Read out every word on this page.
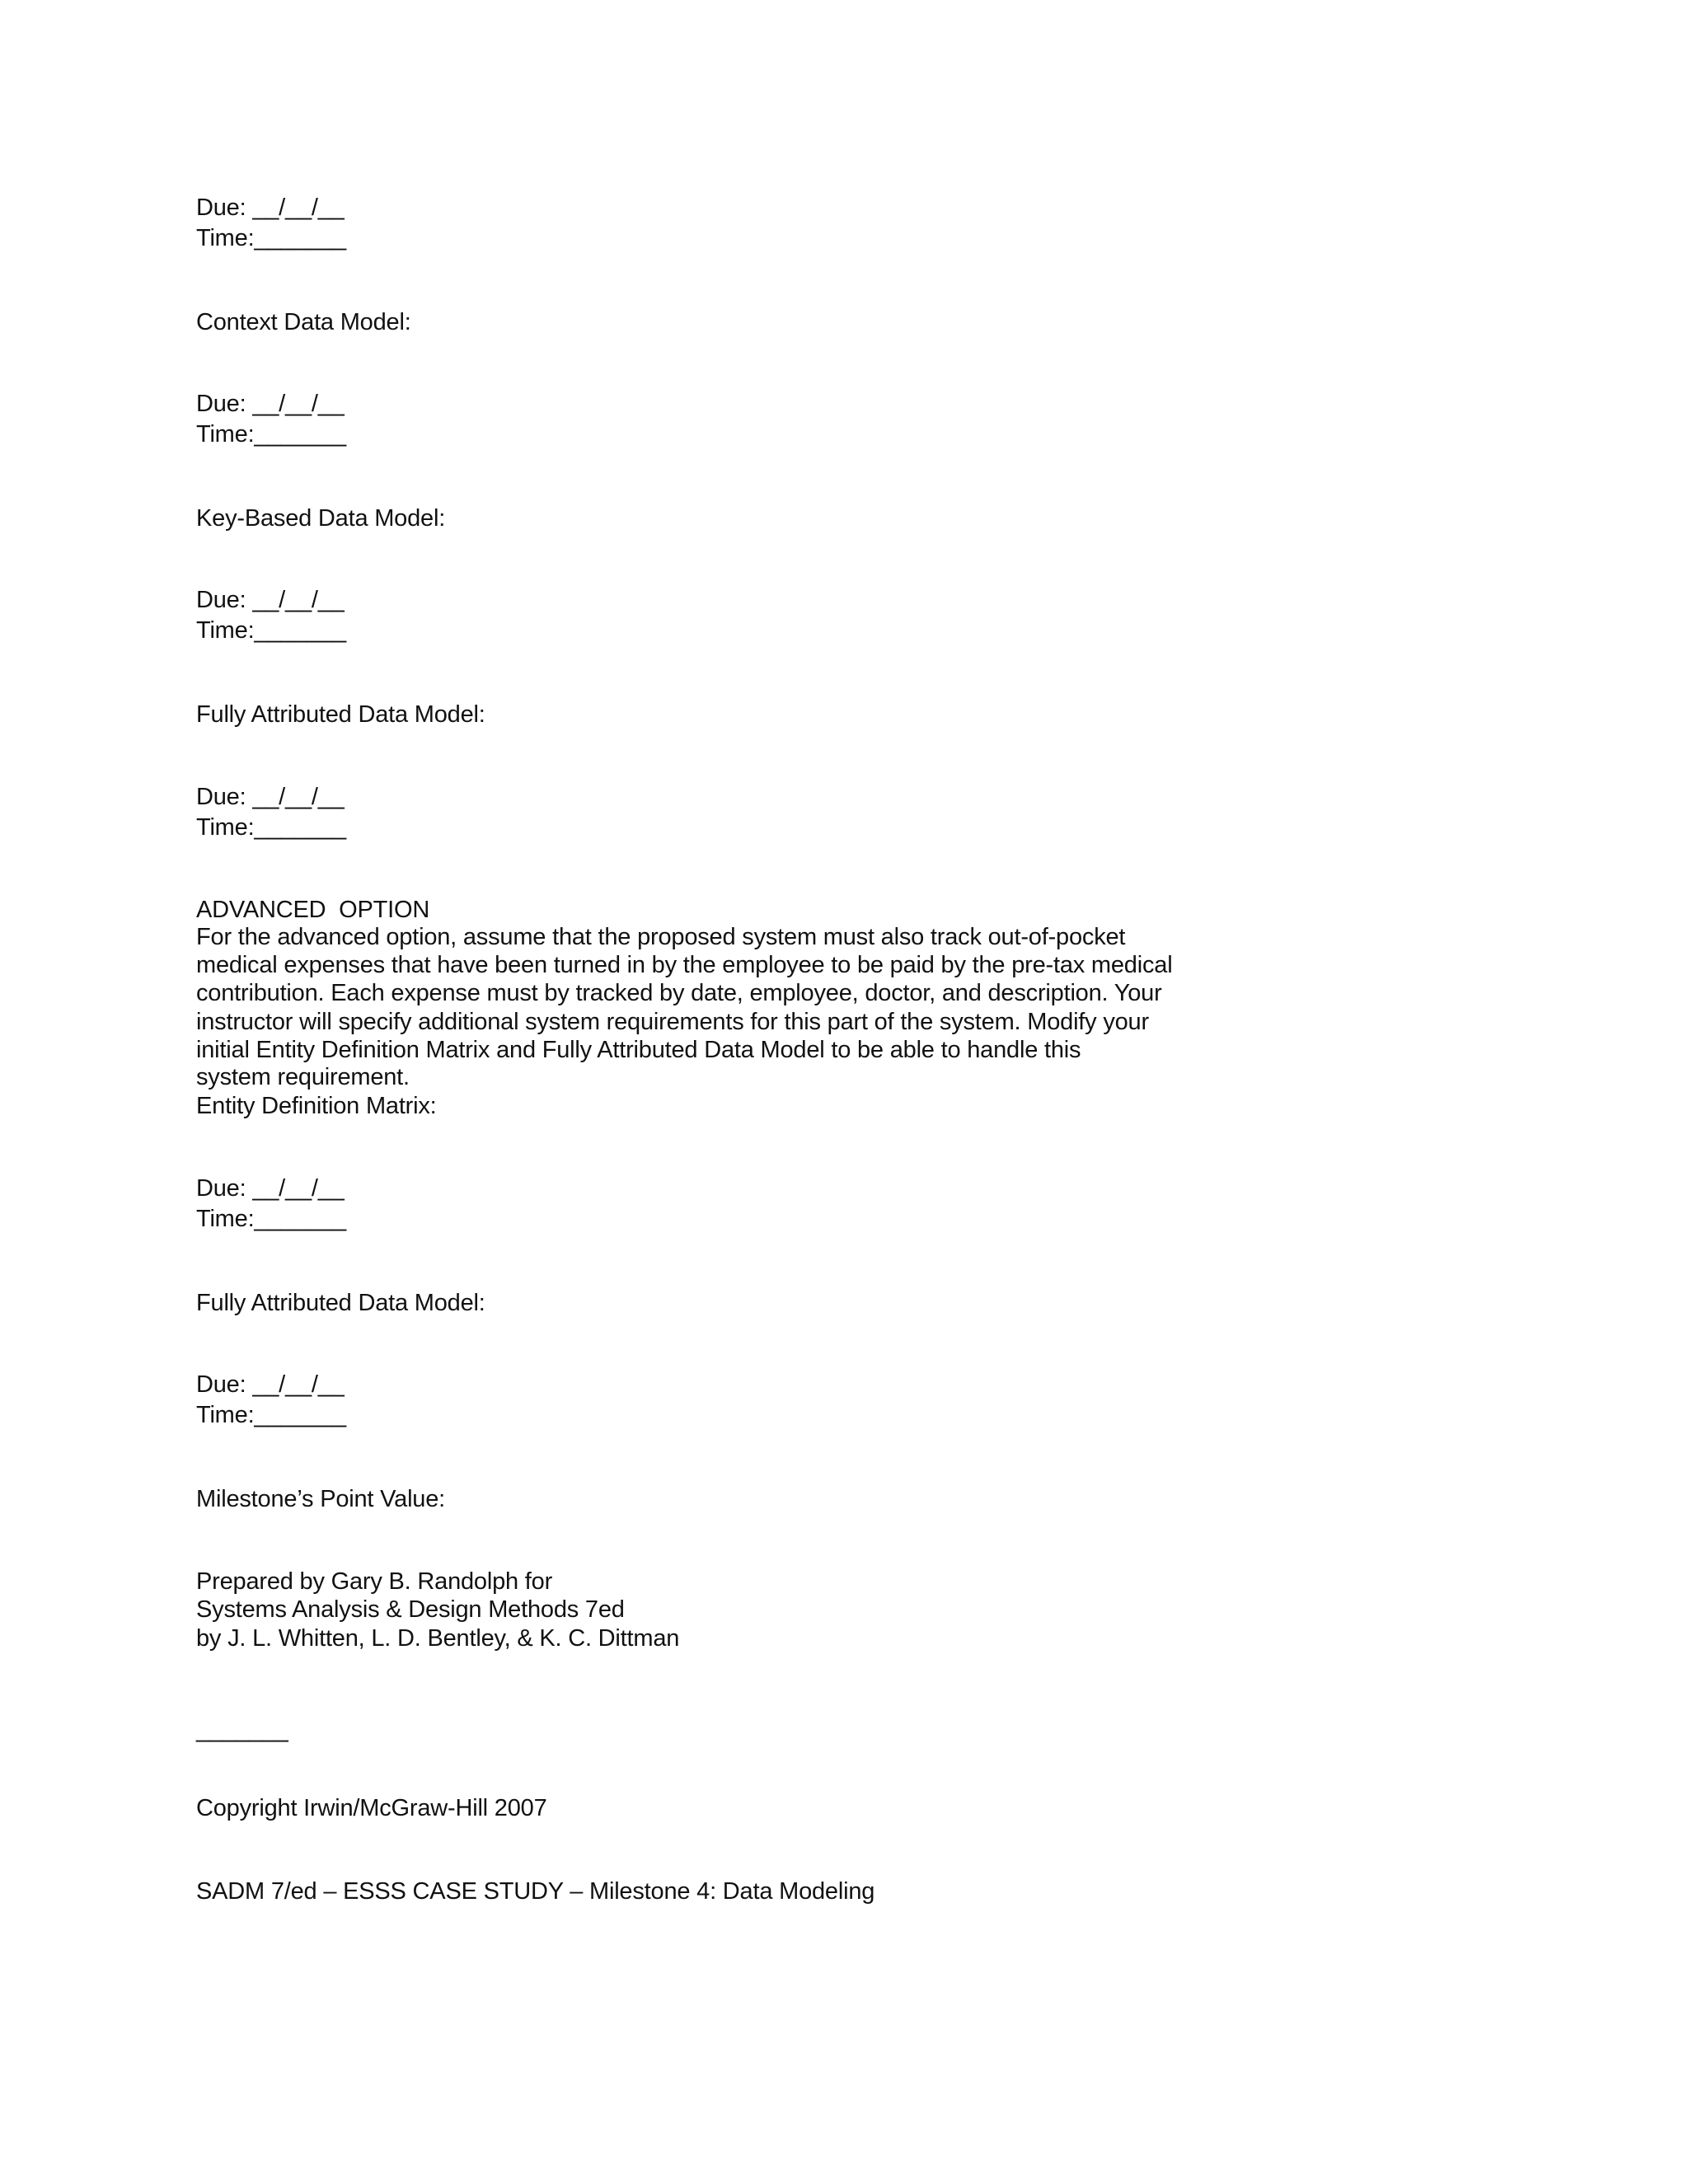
Due: __/__/__
Time:_______
Context Data Model:
Due: __/__/__
Time:_______
Key-Based Data Model:
Due: __/__/__
Time:_______
Fully Attributed Data Model:
Due: __/__/__
Time:_______
ADVANCED  OPTION
For the advanced option, assume that the proposed system must also track out-of-pocket
medical expenses that have been turned in by the employee to be paid by the pre-tax medical
contribution. Each expense must by tracked by date, employee, doctor, and description. Your
instructor will specify additional system requirements for this part of the system. Modify your
initial Entity Definition Matrix and Fully Attributed Data Model to be able to handle this
system requirement.
Entity Definition Matrix:
Due: __/__/__
Time:_______
Fully Attributed Data Model:
Due: __/__/__
Time:_______
Milestone’s Point Value:
Prepared by Gary B. Randolph for
Systems Analysis & Design Methods 7ed
by J. L. Whitten, L. D. Bentley, & K. C. Dittman
_______
Copyright Irwin/McGraw-Hill 2007
SADM 7/ed – ESSS CASE STUDY – Milestone 4: Data Modeling
